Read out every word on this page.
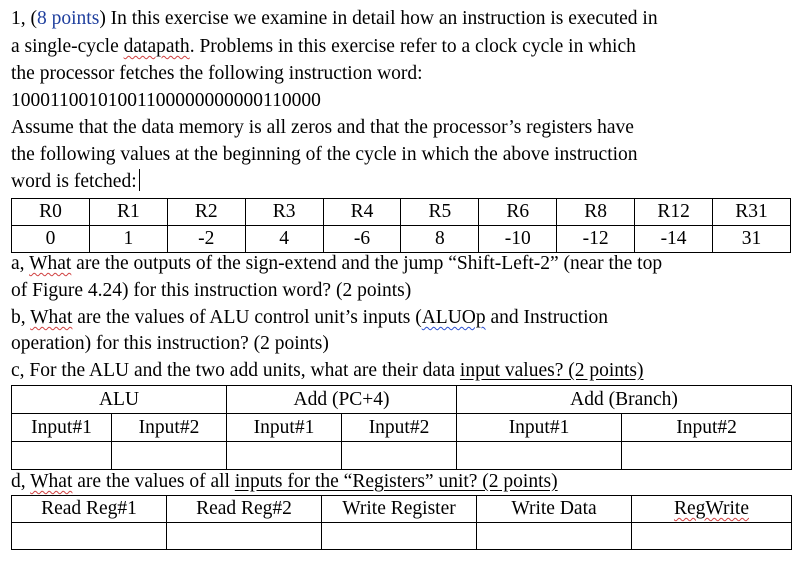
1, (8 points) In this exercise we examine in detail how an instruction is executed in
a single-cycle datapath. Problems in this exercise refer to a clock cycle in which
the processor fetches the following instruction word:
10001100101001100000000000110000
Assume that the data memory is all zeros and that the processor’s registers have
the following values at the beginning of the cycle in which the above instruction
word is fetched:
R0	R1	R2	R3	R4	R5	R6	R8	R12	R31
0	1	-2	4	-6	8	-10	-12	-14	31
a, What are the outputs of the sign-extend and the jump “Shift-Left-2” (near the top
of Figure 4.24) for this instruction word? (2 points)
b, What are the values of ALU control unit’s inputs (ALUOp and Instruction
operation) for this instruction? (2 points)
c, For the ALU and the two add units, what are their data input values? (2 points)
ALU		Add (PC+4)		Add (Branch)	
Input#1	Input#2	Input#1	Input#2	Input#1	Input#2

d, What are the values of all inputs for the “Registers” unit? (2 points)
Read Reg#1	Read Reg#2	Write Register	Write Data	RegWrite
